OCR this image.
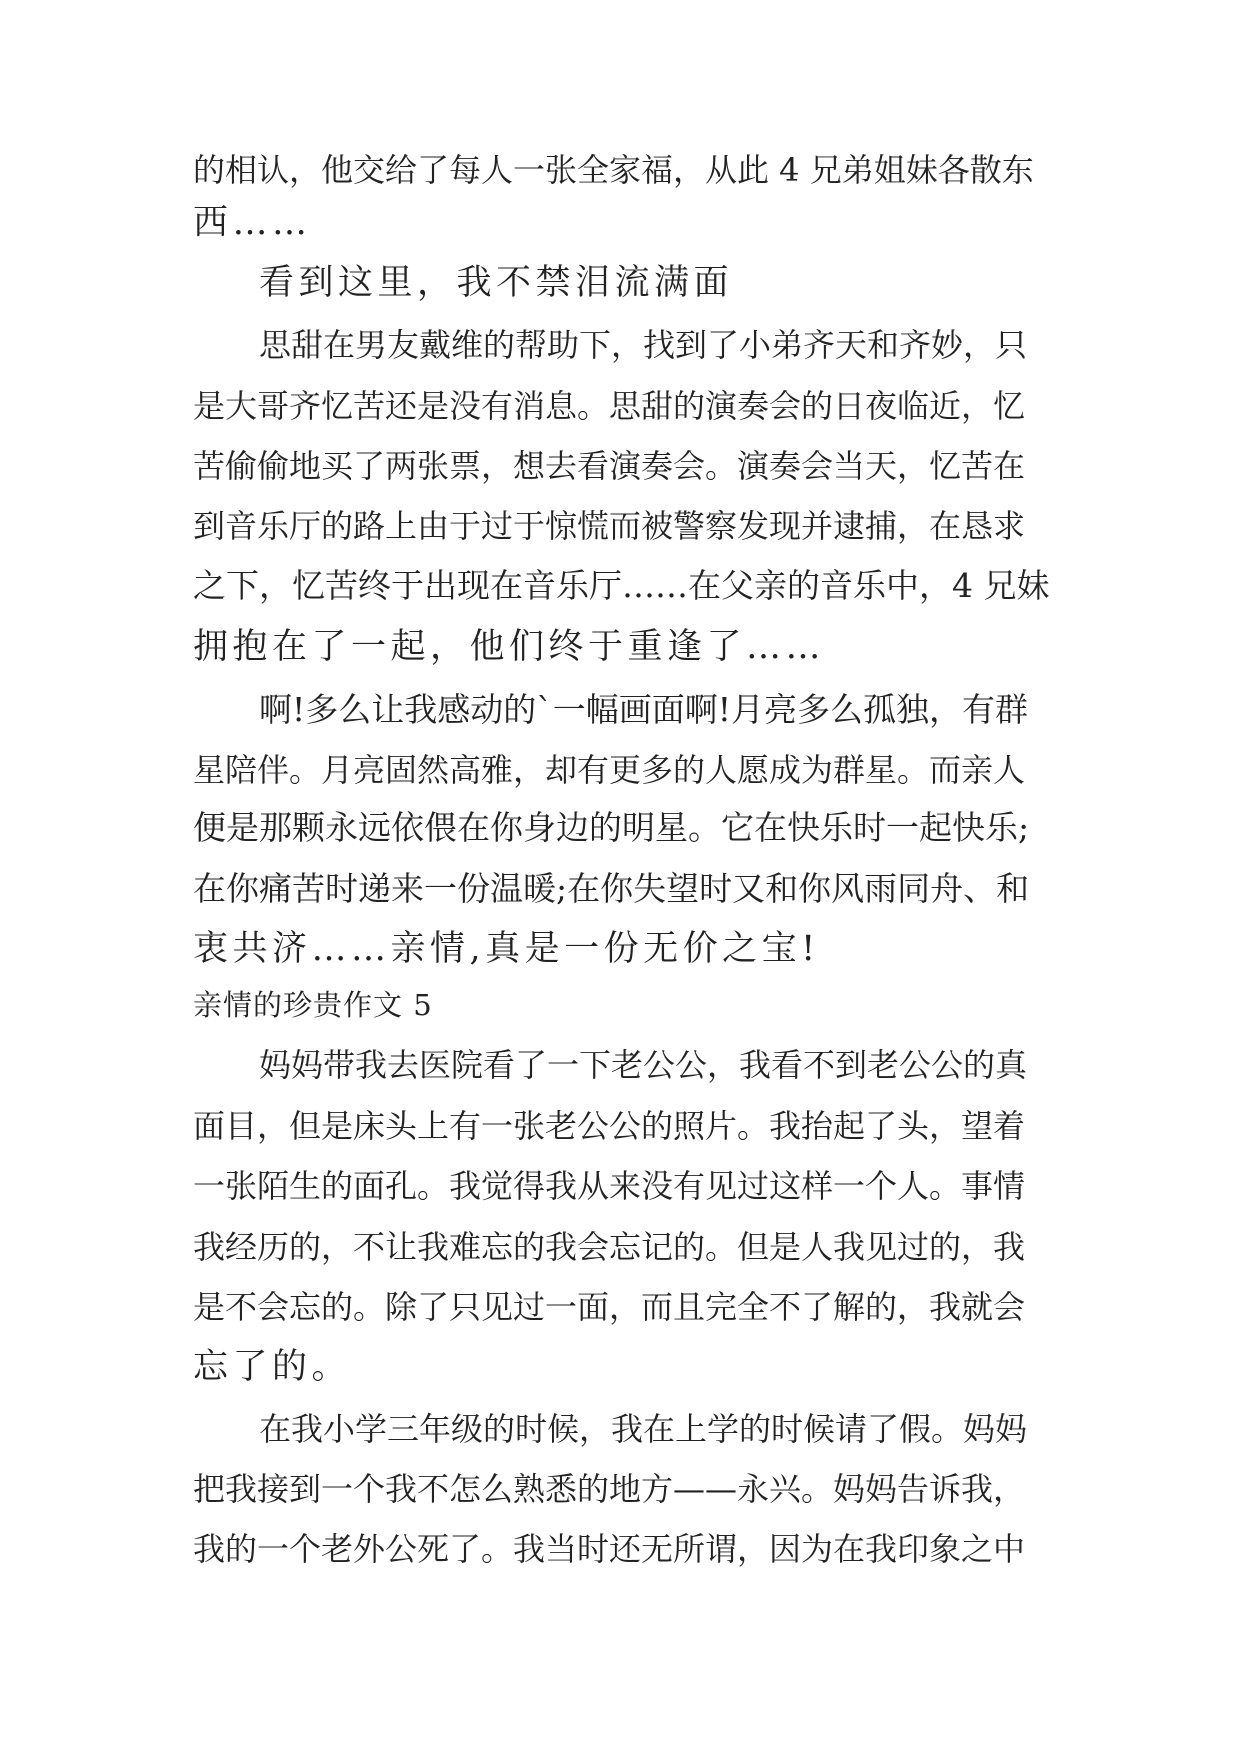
的相认，他交给了每人一张全家福，从此 4 兄弟姐妹各散东
西……
看到这里，我不禁泪流满面
思甜在男友戴维的帮助下，找到了小弟齐天和齐妙，只
是大哥齐忆苦还是没有消息。思甜的演奏会的日夜临近，忆
苦偷偷地买了两张票，想去看演奏会。演奏会当天，忆苦在
到音乐厅的路上由于过于惊慌而被警察发现并逮捕，在恳求
之下，忆苦终于出现在音乐厅……在父亲的音乐中，4 兄妹
拥抱在了一起，他们终于重逢了……
啊!多么让我感动的`一幅画面啊!月亮多么孤独，有群
星陪伴。月亮固然高雅，却有更多的人愿成为群星。而亲人
便是那颗永远依偎在你身边的明星。它在快乐时一起快乐;
在你痛苦时递来一份温暖;在你失望时又和你风雨同舟、和
衷共济……亲情,真是一份无价之宝!
亲情的珍贵作文 5
妈妈带我去医院看了一下老公公，我看不到老公公的真
面目，但是床头上有一张老公公的照片。我抬起了头，望着
一张陌生的面孔。我觉得我从来没有见过这样一个人。事情
我经历的，不让我难忘的我会忘记的。但是人我见过的，我
是不会忘的。除了只见过一面，而且完全不了解的，我就会
忘了的。
在我小学三年级的时候，我在上学的时候请了假。妈妈
把我接到一个我不怎么熟悉的地方——永兴。妈妈告诉我，
我的一个老外公死了。我当时还无所谓，因为在我印象之中
